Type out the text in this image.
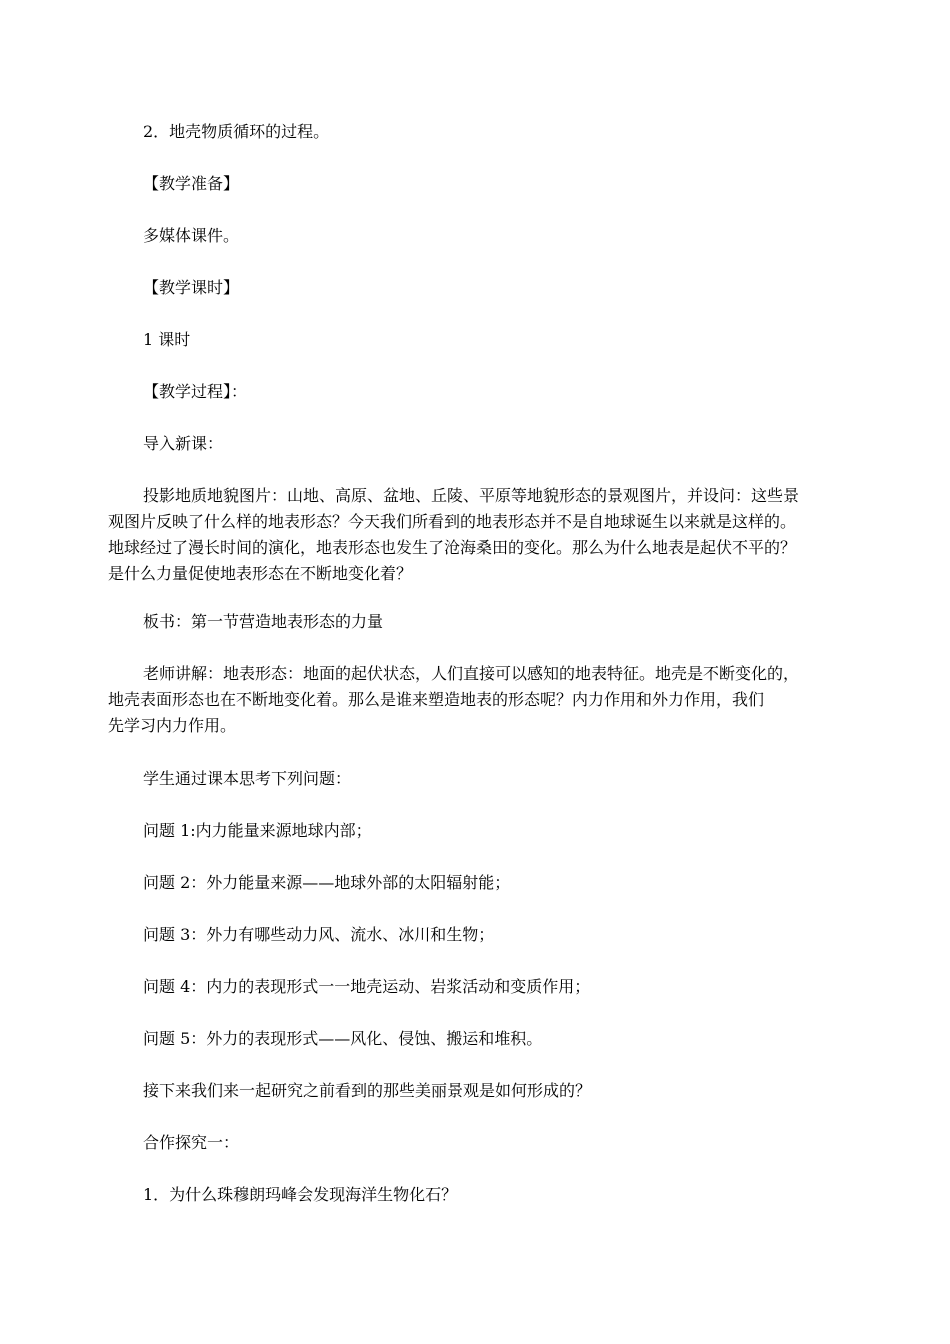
2．地壳物质循环的过程。
【教学准备】
多媒体课件。
【教学课时】
1 课时
【教学过程】：
导入新课：
投影地质地貌图片：山地、高原、盆地、丘陵、平原等地貌形态的景观图片，并设问：这些景
观图片反映了什么样的地表形态？今天我们所看到的地表形态并不是自地球诞生以来就是这样的。
地球经过了漫长时间的演化，地表形态也发生了沧海桑田的变化。那么为什么地表是起伏不平的？
是什么力量促使地表形态在不断地变化着？
板书：第一节营造地表形态的力量
老师讲解：地表形态：地面的起伏状态，人们直接可以感知的地表特征。地壳是不断变化的，
地壳表面形态也在不断地变化着。那么是谁来塑造地表的形态呢？内力作用和外力作用，我们
先学习内力作用。
学生通过课本思考下列问题：
问题 1:内力能量来源地球内部；
问题 2：外力能量来源——地球外部的太阳辐射能；
问题 3：外力有哪些动力风、流水、冰川和生物；
问题 4：内力的表现形式一一地壳运动、岩浆活动和变质作用；
问题 5：外力的表现形式——风化、侵蚀、搬运和堆积。
接下来我们来一起研究之前看到的那些美丽景观是如何形成的？
合作探究一：
1．为什么珠穆朗玛峰会发现海洋生物化石？
